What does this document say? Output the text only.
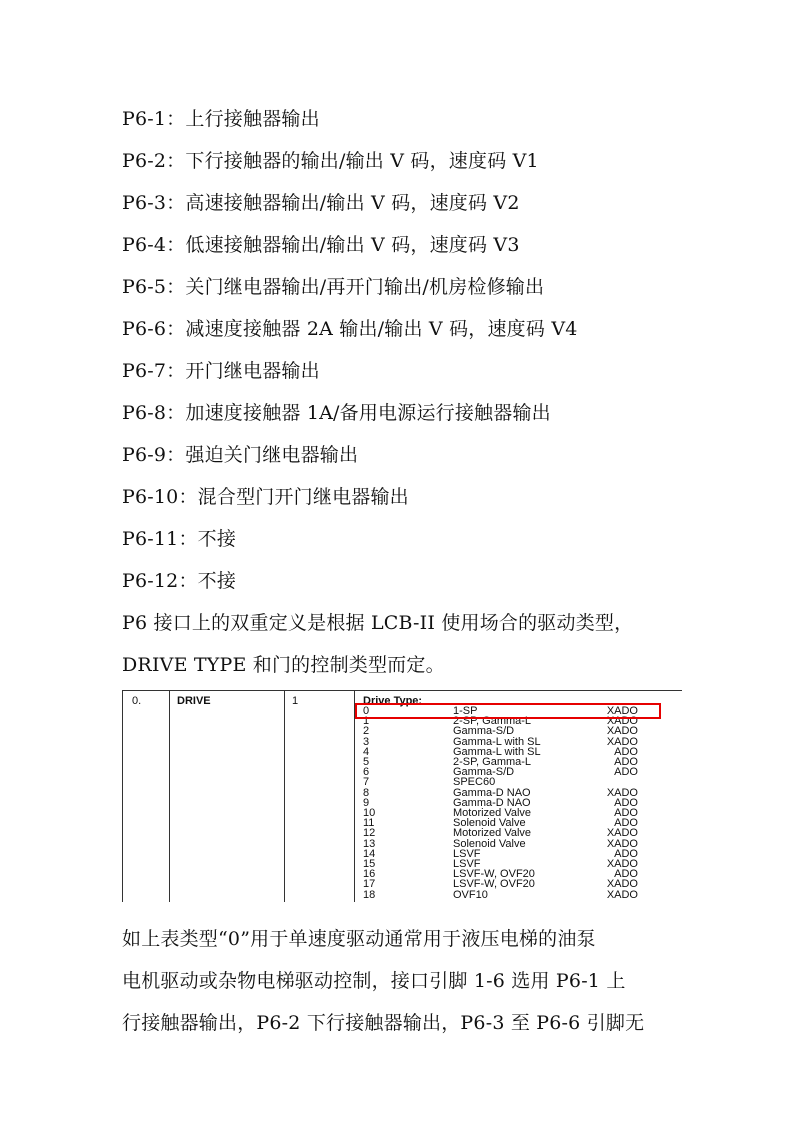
P6-1：上行接触器输出
P6-2：下行接触器的输出/输出 V 码，速度码 V1
P6-3：高速接触器输出/输出 V 码，速度码 V2
P6-4：低速接触器输出/输出 V 码，速度码 V3
P6-5：关门继电器输出/再开门输出/机房检修输出
P6-6：减速度接触器 2A 输出/输出 V 码，速度码 V4
P6-7：开门继电器输出
P6-8：加速度接触器 1A/备用电源运行接触器输出
P6-9：强迫关门继电器输出
P6-10：混合型门开门继电器输出
P6-11：不接
P6-12：不接
P6 接口上的双重定义是根据 LCB-II 使用场合的驱动类型，
DRIVE TYPE 和门的控制类型而定。
0.	DRIVE	1	Drive Type:
0	1-SP	XADO
1	2-SP, Gamma-L	XADO
2	Gamma-S/D	XADO
3	Gamma-L with SL	XADO
4	Gamma-L with SL	ADO
5	2-SP, Gamma-L	ADO
6	Gamma-S/D	ADO
7	SPEC60
8	Gamma-D NAO	XADO
9	Gamma-D NAO	ADO
10	Motorized Valve	ADO
11	Solenoid Valve	ADO
12	Motorized Valve	XADO
13	Solenoid Valve	XADO
14	LSVF	ADO
15	LSVF	XADO
16	LSVF-W, OVF20	ADO
17	LSVF-W, OVF20	XADO
18	OVF10	XADO
如上表类型“0”用于单速度驱动通常用于液压电梯的油泵
电机驱动或杂物电梯驱动控制，接口引脚 1-6 选用 P6-1 上
行接触器输出，P6-2 下行接触器输出，P6-3 至 P6-6 引脚无
